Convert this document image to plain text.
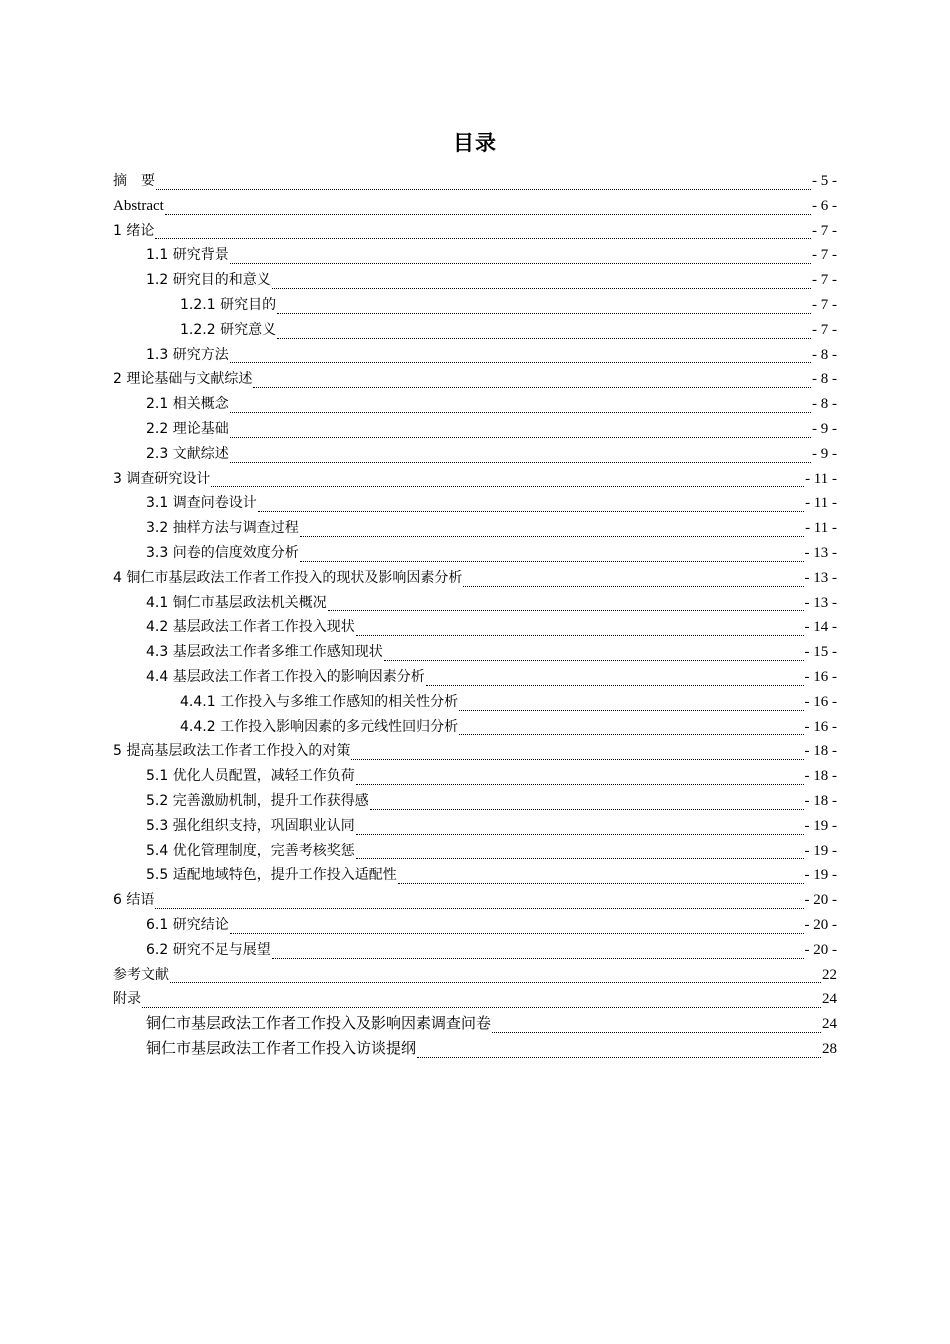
目录
摘　要	- 5 -
Abstract	- 6 -
1 绪论	- 7 -
1.1 研究背景	- 7 -
1.2 研究目的和意义	- 7 -
1.2.1 研究目的	- 7 -
1.2.2 研究意义	- 7 -
1.3 研究方法	- 8 -
2 理论基础与文献综述	- 8 -
2.1 相关概念	- 8 -
2.2 理论基础	- 9 -
2.3 文献综述	- 9 -
3 调查研究设计	- 11 -
3.1 调查问卷设计	- 11 -
3.2 抽样方法与调查过程	- 11 -
3.3 问卷的信度效度分析	- 13 -
4 铜仁市基层政法工作者工作投入的现状及影响因素分析	- 13 -
4.1 铜仁市基层政法机关概况	- 13 -
4.2 基层政法工作者工作投入现状	- 14 -
4.3 基层政法工作者多维工作感知现状	- 15 -
4.4 基层政法工作者工作投入的影响因素分析	- 16 -
4.4.1 工作投入与多维工作感知的相关性分析	- 16 -
4.4.2 工作投入影响因素的多元线性回归分析	- 16 -
5 提高基层政法工作者工作投入的对策	- 18 -
5.1 优化人员配置，减轻工作负荷	- 18 -
5.2 完善激励机制，提升工作获得感	- 18 -
5.3 强化组织支持，巩固职业认同	- 19 -
5.4 优化管理制度，完善考核奖惩	- 19 -
5.5 适配地域特色，提升工作投入适配性	- 19 -
6 结语	- 20 -
6.1 研究结论	- 20 -
6.2 研究不足与展望	- 20 -
参考文献	22
附录	24
铜仁市基层政法工作者工作投入及影响因素调查问卷	24
铜仁市基层政法工作者工作投入访谈提纲	28
